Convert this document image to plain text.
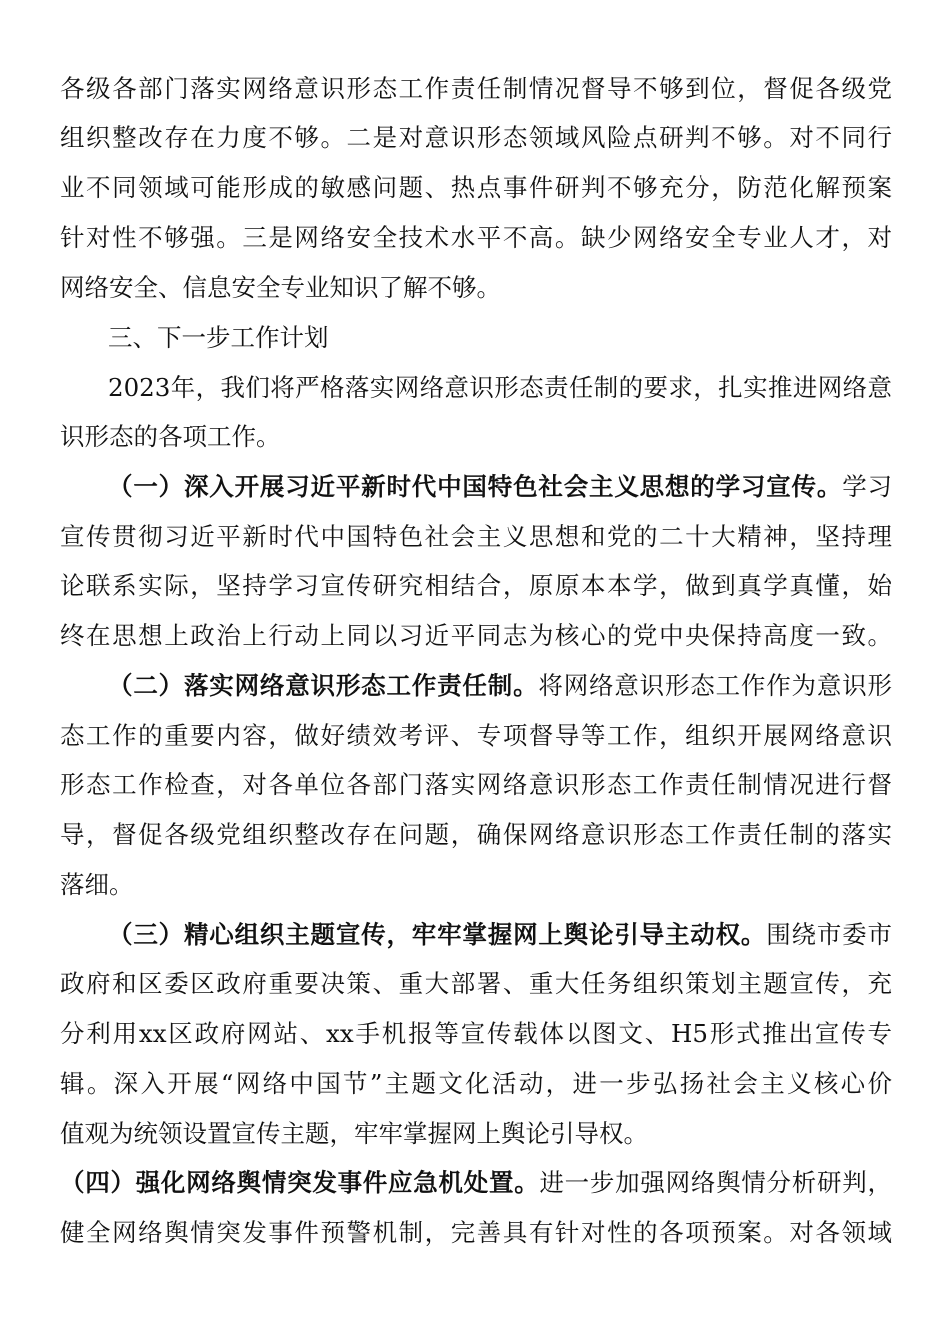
各级各部门落实网络意识形态工作责任制情况督导不够到位，督促各级党
组织整改存在力度不够。二是对意识形态领域风险点研判不够。对不同行
业不同领域可能形成的敏感问题、热点事件研判不够充分，防范化解预案
针对性不够强。三是网络安全技术水平不高。缺少网络安全专业人才，对
网络安全、信息安全专业知识了解不够。
三、下一步工作计划
2023年，我们将严格落实网络意识形态责任制的要求，扎实推进网络意
识形态的各项工作。
（一）深入开展习近平新时代中国特色社会主义思想的学习宣传。学习
宣传贯彻习近平新时代中国特色社会主义思想和党的二十大精神，坚持理
论联系实际，坚持学习宣传研究相结合，原原本本学，做到真学真懂，始
终在思想上政治上行动上同以习近平同志为核心的党中央保持高度一致。
（二）落实网络意识形态工作责任制。将网络意识形态工作作为意识形
态工作的重要内容，做好绩效考评、专项督导等工作，组织开展网络意识
形态工作检查，对各单位各部门落实网络意识形态工作责任制情况进行督
导，督促各级党组织整改存在问题，确保网络意识形态工作责任制的落实
落细。
（三）精心组织主题宣传，牢牢掌握网上舆论引导主动权。围绕市委市
政府和区委区政府重要决策、重大部署、重大任务组织策划主题宣传，充
分利用xx区政府网站、xx手机报等宣传载体以图文、H5形式推出宣传专
辑。深入开展“网络中国节”主题文化活动，进一步弘扬社会主义核心价
值观为统领设置宣传主题，牢牢掌握网上舆论引导权。
（四）强化网络舆情突发事件应急机处置。进一步加强网络舆情分析研判，
健全网络舆情突发事件预警机制，完善具有针对性的各项预案。对各领域
